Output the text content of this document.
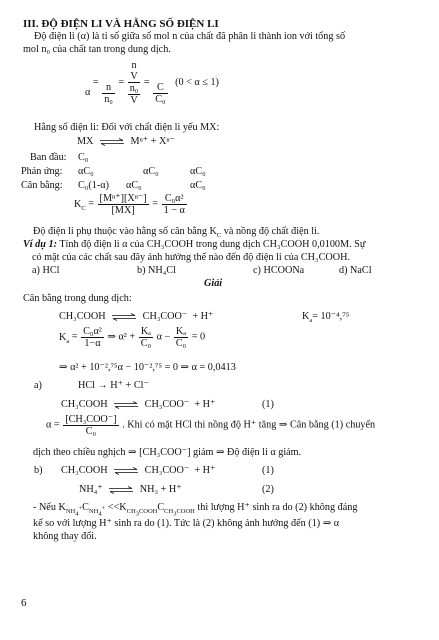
III. ĐỘ ĐIỆN LI VÀ HẰNG SỐ ĐIỆN LI
Độ điện li (α) là tỉ số giữa số mol n của chất đã phân li thành ion với tổng số
mol n₀ của chất tan trong dung dịch.
$\alpha = \frac{n}{\text{n₀}}$ =
n
V
n₀
V
= $\frac{C}{\text{C₀}} (0 < \alpha \le 1)$
Hằng số điện li: Đối với chất điện li yếu MX:
MX ⇌ Mⁿ⁺ + Xⁿ⁻
Ban đầu: C₀
Phản ứng: αC₀	αC₀	αC₀
Cân bằng: C₀(1-α) αC₀	αC₀
$K_C = \frac{\text{[Mⁿ⁺][Xⁿ⁻]}}{[MX]} = \frac{\text{C₀α²}}{1 - \alpha}$
Độ điện li phụ thuộc vào hằng số cân bằng $K_C$ và nồng độ chất điện li.
Ví dụ 1: Tính độ điện li α của CH₃COOH trong dung dịch CH₃COOH 0,0100M. Sự
có mặt của các chất sau đây ảnh hưởng thế nào đến độ điện li của CH₃COOH.
a) HCl	b) NH₄Cl	c) HCOONa	d) NaCl
Giải
Cân bằng trong dung dịch:
CH₃COOH ⇌ CH₃COO⁻ + H⁺	$K_a= 10^{-4},^{75}$
$K_a = \frac{\text{C₀α²}}{1-\alpha}$ ⇒ $\alpha^2 + \frac{\text{Kₐ}}{\text{C₀}}$ $\alpha - \frac{\text{Kₐ}}{\text{C₀}} = 0$
⇒ α² + 10⁻²,⁷⁵α − 10⁻²,⁷⁵ = 0 ⇒ α = 0,0413
a)	HCl → H⁺ + Cl⁻
CH₃COOH ⇌ CH₃COO⁻ + H⁺	(1)
$\alpha = \frac{\text{[CH₃COO⁻]}}{\text{C₀}}$ . Khi có mặt HCl thì nồng độ H⁺ tăng ⇒ Cân bằng (1) chuyển
dịch theo chiều nghịch ⇒ [CH₃COO⁻] giảm ⇒ Độ điện li α giảm.
b) CH₃COOH ⇌ CH₃COO⁻ + H⁺	(1)
NH₄⁺ ⇌ NH₃ + H⁺	(2)
- Nếu $K_{NH_4^+}C_{NH_4^+} <<K_{CH_3COOH}C_{CH_3COOH}$ thì lượng H⁺ sinh ra do (2) không đáng
kể so với lượng H⁺ sinh ra do (1). Tức là (2) không ảnh hưởng đến (1) ⇒ α
không thay đổi.
6
